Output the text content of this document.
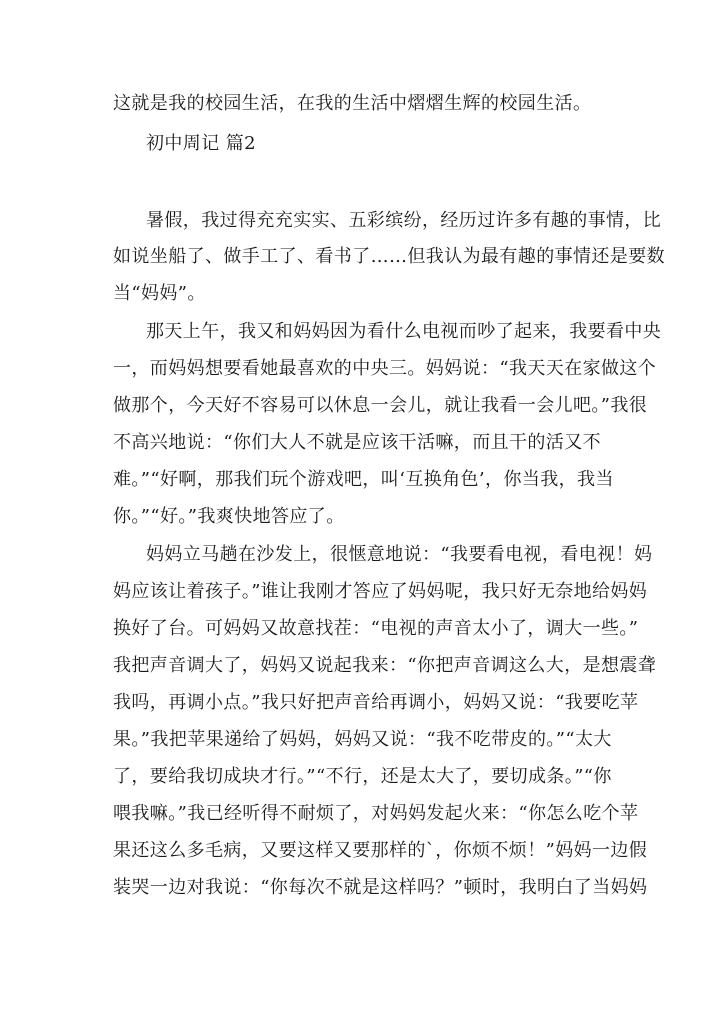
这就是我的校园生活，在我的生活中熠熠生辉的校园生活。
初中周记 篇2
暑假，我过得充充实实、五彩缤纷，经历过许多有趣的事情，比
如说坐船了、做手工了、看书了……但我认为最有趣的事情还是要数
当“妈妈”。
那天上午，我又和妈妈因为看什么电视而吵了起来，我要看中央
一，而妈妈想要看她最喜欢的中央三。妈妈说：“我天天在家做这个
做那个，今天好不容易可以休息一会儿，就让我看一会儿吧。”我很
不高兴地说：“你们大人不就是应该干活嘛，而且干的活又不
难。”“好啊，那我们玩个游戏吧，叫‘互换角色’，你当我，我当
你。”“好。”我爽快地答应了。
妈妈立马趟在沙发上，很惬意地说：“我要看电视，看电视！妈
妈应该让着孩子。”谁让我刚才答应了妈妈呢，我只好无奈地给妈妈
换好了台。可妈妈又故意找茬：“电视的声音太小了，调大一些。”
我把声音调大了，妈妈又说起我来：“你把声音调这么大，是想震聋
我吗，再调小点。”我只好把声音给再调小，妈妈又说：“我要吃苹
果。”我把苹果递给了妈妈，妈妈又说：“我不吃带皮的。”“太大
了，要给我切成块才行。”“不行，还是太大了，要切成条。”“你
喂我嘛。”我已经听得不耐烦了，对妈妈发起火来：“你怎么吃个苹
果还这么多毛病，又要这样又要那样的`，你烦不烦！”妈妈一边假
装哭一边对我说：“你每次不就是这样吗？”顿时，我明白了当妈妈
